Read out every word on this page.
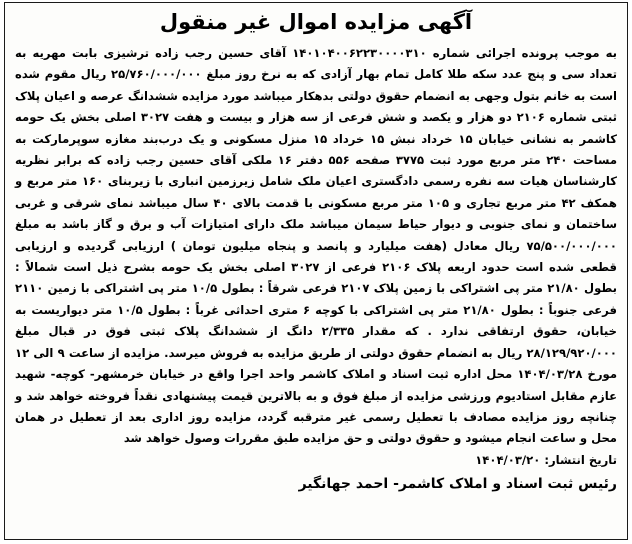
آگهی مزایده اموال غیر منقول

به موجب پرونده اجرائی شماره ۱۴۰۱۰۴۰۰۶۲۲۳۰۰۰۰۳۱۰ آقای حسین رجب زاده ترشیزی بابت مهریه به تعداد سی و پنج عدد سکه طلا کامل تمام بهار آزادی که به نرخ روز مبلغ ۲۵/۷۶۰/۰۰۰/۰۰۰ ریال مقوم شده است به خانم بتول وجهی به انضمام حقوق دولتی بدهکار میباشد مورد مزایده ششدانگ عرصه و اعیان پلاک ثبتی شماره ۲۱۰۶ دو هزار و یکصد و شش فرعی از سه هزار و بیست و هفت ۳۰۲۷ اصلی بخش یک حومه کاشمر به نشانی خیابان ۱۵ خرداد نبش ۱۵ خرداد ۱۵ منزل مسکونی و یک درب‌بند مغازه سوپرمارکت به مساحت ۲۴۰ متر مربع مورد ثبت ۳۷۷۵ صفحه ۵۵۶ دفتر ۱۶ ملکی آقای حسین رجب زاده که برابر نظریه کارشناسان هیات سه نفره رسمی دادگستری اعیان ملک شامل زیرزمین انباری با زیربنای ۱۶۰ متر مربع و همکف ۴۲ متر مربع تجاری و ۱۰۵ متر مربع مسکونی با قدمت بالای ۴۰ سال میباشد نمای شرقی و غربی ساختمان و نمای جنوبی و دیوار حیاط سیمان میباشد ملک دارای امتیازات آب و برق و گاز باشد به مبلغ ۷۵/۵۰۰/۰۰۰/۰۰۰ ریال معادل (هفت میلیارد و پانصد و پنجاه میلیون تومان ) ارزیابی گردیده و ارزیابی قطعی شده است حدود اربعه پلاک ۲۱۰۶ فرعی از ۳۰۲۷ اصلی بخش یک حومه بشرح ذیل است شمالاً : بطول ۲۱/۸۰ متر پی اشتراکی با زمین پلاک ۲۱۰۷ فرعی شرقاً : بطول ۱۰/۵ متر پی اشتراکی با زمین ۲۱۱۰ فرعی جنوباً : بطول ۲۱/۸۰ متر پی اشتراکی با کوچه ۶ متری احداثی غرباً : بطول ۱۰/۵ متر دیواریست به خیابان، حقوق ارتفاقی ندارد . که مقدار ۲/۳۳۵ دانگ از ششدانگ پلاک ثبتی فوق در قبال مبلغ ۲۸/۱۲۹/۹۲۰/۰۰۰ ریال به انضمام حقوق دولتی از طریق مزایده به فروش میرسد. مزایده از ساعت ۹ الی ۱۲ مورخ ۱۴۰۴/۰۳/۲۸ محل اداره ثبت اسناد و املاک کاشمر واحد اجرا واقع در خیابان خرمشهر- کوچه- شهید عازم مقابل استادیوم ورزشی مزایده از مبلغ فوق و به بالاترین قیمت پیشنهادی نقداً فروخته خواهد شد و چنانچه روز مزایده مصادف با تعطیل رسمی غیر مترقبه گردد، مزایده روز اداری بعد از تعطیل در همان محل و ساعت انجام میشود و حقوق دولتی و حق مزایده طبق مقررات وصول خواهد شد

تاریخ انتشار: ۱۴۰۴/۰۳/۲۰

رئیس ثبت اسناد و املاک کاشمر- احمد جهانگیر
